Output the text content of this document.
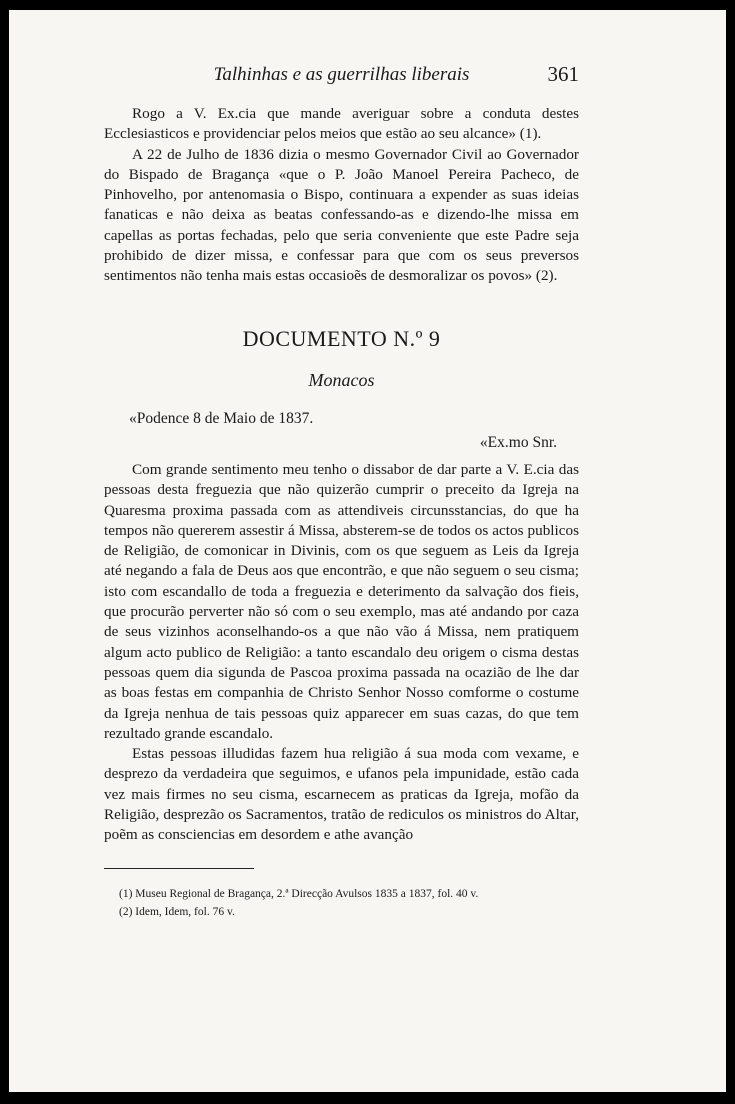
Talhinhas e as guerrilhas liberais	361

Rogo a V. Ex.cia que mande averiguar sobre a conduta destes Ecclesiasticos e providenciar pelos meios que estão ao seu alcance» (1).

A 22 de Julho de 1836 dizia o mesmo Governador Civil ao Governador do Bispado de Bragança «que o P. João Manoel Pereira Pacheco, de Pinhovelho, por antenomasia o Bispo, continuara a expender as suas ideias fanaticas e não deixa as beatas confessando-as e dizendo-lhe missa em capellas as portas fechadas, pelo que seria conveniente que este Padre seja prohibido de dizer missa, e confessar para que com os seus preversos sentimentos não tenha mais estas occasioẽs de desmoralizar os povos» (2).

DOCUMENTO N.º 9
Monacos
«Podence 8 de Maio de 1837.
«Ex.mo Snr.

Com grande sentimento meu tenho o dissabor de dar parte a V. E.cia das pessoas desta freguezia que não quizerão cumprir o preceito da Igreja na Quaresma proxima passada com as attendiveis circunsstancias, do que ha tempos não quererem assestir á Missa, absterem-se de todos os actos publicos de Religião, de comonicar in Divinis, com os que seguem as Leis da Igreja até negando a fala de Deus aos que encontrão, e que não seguem o seu cisma; isto com escandallo de toda a freguezia e deterimento da salvação dos fieis, que procurão perverter não só com o seu exemplo, mas até andando por caza de seus vizinhos aconselhando-os a que não vão á Missa, nem pratiquem algum acto publico de Religião: a tanto escandalo deu origem o cisma destas pessoas quem dia sigunda de Pascoa proxima passada na ocazião de lhe dar as boas festas em companhia de Christo Senhor Nosso comforme o costume da Igreja nenhua de tais pessoas quiz apparecer em suas cazas, do que tem rezultado grande escandalo.

Estas pessoas illudidas fazem hua religião á sua moda com vexame, e desprezo da verdadeira que seguimos, e ufanos pela impunidade, estão cada vez mais firmes no seu cisma, escarnecem as praticas da Igreja, mofão da Religião, desprezão os Sacramentos, tratão de rediculos os ministros do Altar, poẽm as consciencias em desordem e athe avanção

(1) Museu Regional de Bragança, 2.ª Direcção Avulsos 1835 a 1837, fol. 40 v.
(2) Idem, Idem, fol. 76 v.
